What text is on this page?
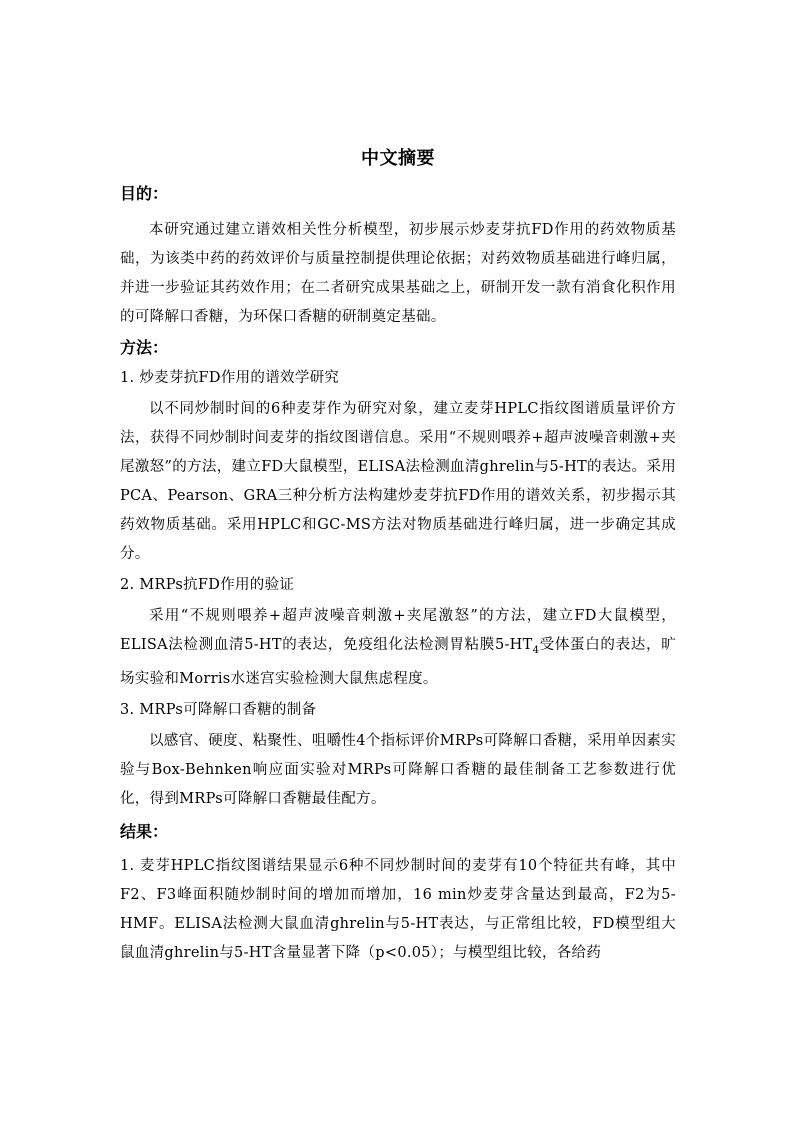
中文摘要
目的：

本研究通过建立谱效相关性分析模型，初步展示炒麦芽抗FD作用的药效物质基础，为该类中药的药效评价与质量控制提供理论依据；对药效物质基础进行峰归属，并进一步验证其药效作用；在二者研究成果基础之上，研制开发一款有消食化积作用的可降解口香糖，为环保口香糖的研制奠定基础。

方法：

1. 炒麦芽抗FD作用的谱效学研究

以不同炒制时间的6种麦芽作为研究对象，建立麦芽HPLC指纹图谱质量评价方法，获得不同炒制时间麦芽的指纹图谱信息。采用“不规则喂养+超声波噪音刺激+夹尾激怒”的方法，建立FD大鼠模型，ELISA法检测血清ghrelin与5-HT的表达。采用PCA、Pearson、GRA三种分析方法构建炒麦芽抗FD作用的谱效关系，初步揭示其药效物质基础。采用HPLC和GC-MS方法对物质基础进行峰归属，进一步确定其成分。

2. MRPs抗FD作用的验证

采用“不规则喂养+超声波噪音刺激+夹尾激怒”的方法，建立FD大鼠模型，ELISA法检测血清5-HT的表达，免疫组化法检测胃粘膜$5-HT_4$受体蛋白的表达，旷场实验和Morris水迷宫实验检测大鼠焦虑程度。

3. MRPs可降解口香糖的制备

以感官、硬度、粘聚性、咀嚼性4个指标评价MRPs可降解口香糖，采用单因素实验与Box-Behnken响应面实验对MRPs可降解口香糖的最佳制备工艺参数进行优化，得到MRPs可降解口香糖最佳配方。

结果：

1. 麦芽HPLC指纹图谱结果显示6种不同炒制时间的麦芽有10个特征共有峰，其中F2、F3峰面积随炒制时间的增加而增加，16 min炒麦芽含量达到最高，F2为5-HMF。ELISA法检测大鼠血清ghrelin与5-HT表达，与正常组比较，FD模型组大鼠血清ghrelin与5-HT含量显著下降（p<0.05）；与模型组比较，各给药
